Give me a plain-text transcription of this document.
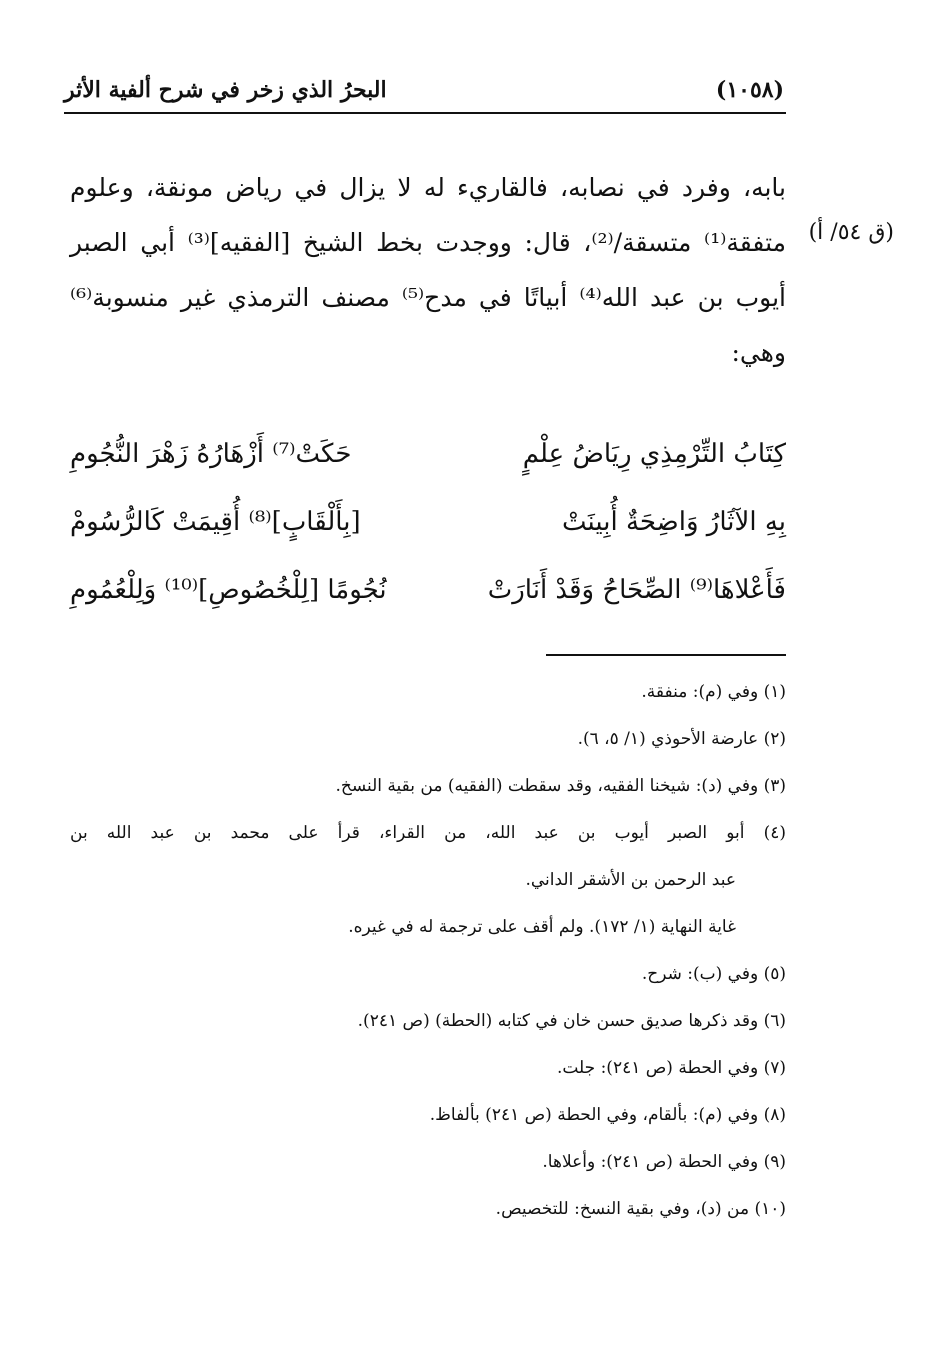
(١٠٥٨)
البحرُ الذي زخر في شرح ألفية الأثر
(ق ٥٤/ أ)
بابه، وفرد في نصابه، فالقاريء له لا يزال في رياض مونقة، وعلوم
متفقة⁽¹⁾ متسقة/⁽²⁾، قال: ووجدت بخط الشيخ [الفقيه]⁽³⁾ أبي الصبر
أيوب بن عبد الله⁽⁴⁾ أبياتًا في مدح⁽⁵⁾ مصنف الترمذي غير منسوبة⁽⁶⁾
وهي:
كِتَابُ التِّرْمِذِي رِيَاضُ عِلْمٍ
حَكَتْ⁽⁷⁾ أَزْهَارُهُ زَهْرَ النُّجُومِ
بِهِ الآثَارُ وَاضِحَةٌ أُبِينَتْ
[بِأَلْقَابٍ]⁽⁸⁾ أُقِيمَتْ كَالرُّسُومْ
فَأَعْلاهَا⁽⁹⁾ الصِّحَاحُ وَقَدْ أَنَارَتْ
نُجُومًا [لِلْخُصُوصِ]⁽¹⁰⁾ وَلِلْعُمُومِ
(١) وفي (م): منفقة.
(٢) عارضة الأحوذي (١/ ٥، ٦).
(٣) وفي (د): شيخنا الفقيه، وقد سقطت (الفقيه) من بقية النسخ.
(٤) أبو الصبر أيوب بن عبد الله، من القراء، قرأ على محمد بن عبد الله بن
عبد الرحمن بن الأشقر الداني.
غاية النهاية (١/ ١٧٢). ولم أقف على ترجمة له في غيره.
(٥) وفي (ب): شرح.
(٦) وقد ذكرها صديق حسن خان في كتابه (الحطة) (ص ٢٤١).
(٧) وفي الحطة (ص ٢٤١): جلت.
(٨) وفي (م): بألقام، وفي الحطة (ص ٢٤١) بألفاظ.
(٩) وفي الحطة (ص ٢٤١): وأعلاها.
(١٠) من (د)، وفي بقية النسخ: للتخصيص.
